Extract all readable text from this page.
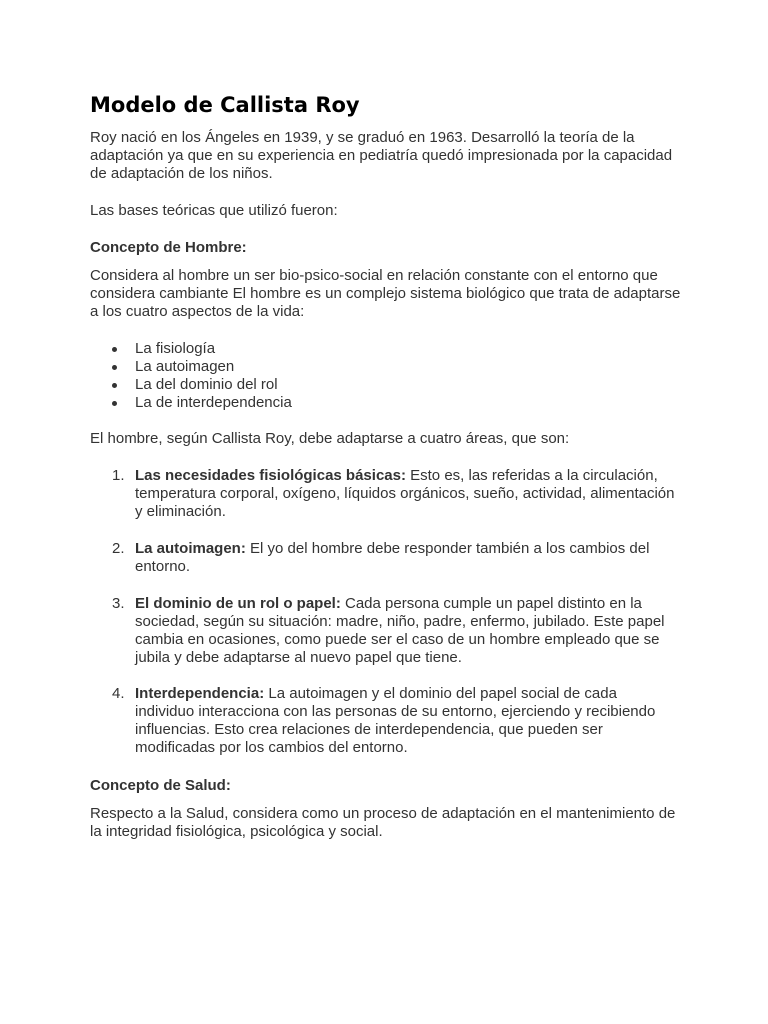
Modelo de Callista Roy

Roy nació en los Ángeles en 1939, y se graduó en 1963. Desarrolló la teoría de la adaptación ya que en su experiencia en pediatría quedó impresionada por la capacidad de adaptación de los niños.

Las bases teóricas que utilizó fueron:

Concepto de Hombre:

Considera al hombre un ser bio-psico-social en relación constante con el entorno que considera cambiante El hombre es un complejo sistema biológico que trata de adaptarse a los cuatro aspectos de la vida:

La fisiología
La autoimagen
La del dominio del rol
La de interdependencia

El hombre, según Callista Roy, debe adaptarse a cuatro áreas, que son:

1. Las necesidades fisiológicas básicas: Esto es, las referidas a la circulación, temperatura corporal, oxígeno, líquidos orgánicos, sueño, actividad, alimentación y eliminación.
2. La autoimagen: El yo del hombre debe responder también a los cambios del entorno.
3. El dominio de un rol o papel: Cada persona cumple un papel distinto en la sociedad, según su situación: madre, niño, padre, enfermo, jubilado. Este papel cambia en ocasiones, como puede ser el caso de un hombre empleado que se jubila y debe adaptarse al nuevo papel que tiene.
4. Interdependencia: La autoimagen y el dominio del papel social de cada individuo interacciona con las personas de su entorno, ejerciendo y recibiendo influencias. Esto crea relaciones de interdependencia, que pueden ser modificadas por los cambios del entorno.

Concepto de Salud:

Respecto a la Salud, considera como un proceso de adaptación en el mantenimiento de la integridad fisiológica, psicológica y social.
